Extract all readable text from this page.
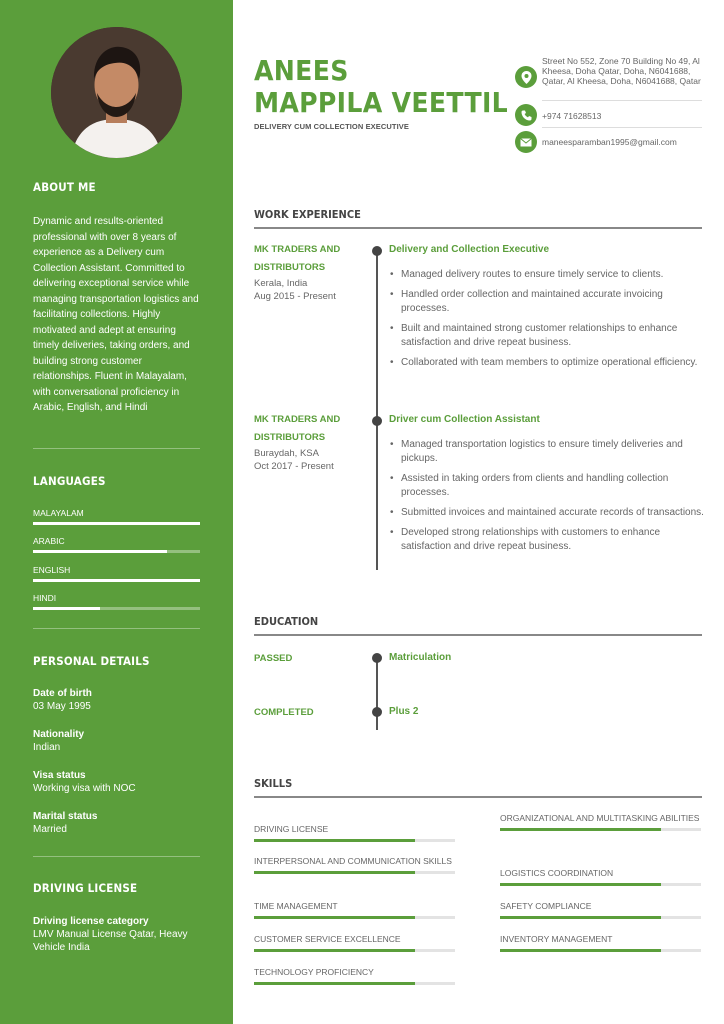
ABOUT ME
Dynamic and results-oriented professional with over 8 years of experience as a Delivery cum Collection Assistant. Committed to delivering exceptional service while managing transportation logistics and facilitating collections. Highly motivated and adept at ensuring timely deliveries, taking orders, and building strong customer relationships. Fluent in Malayalam, with conversational proficiency in Arabic, English, and Hindi
LANGUAGES
MALAYALAM
ARABIC
ENGLISH
HINDI
PERSONAL DETAILS
Date of birth
03 May 1995
Nationality
Indian
Visa status
Working visa with NOC
Marital status
Married
DRIVING LICENSE
Driving license category
LMV Manual License Qatar, Heavy Vehicle India
ANEES
MAPPILA VEETTIL
DELIVERY CUM COLLECTION EXECUTIVE
Street No 552, Zone 70 Building No 49, Al Kheesa, Doha Qatar, Doha, N6041688, Qatar, Al Kheesa, Doha, N6041688, Qatar
+974 71628513
maneesparamban1995@gmail.com
WORK EXPERIENCE
MK TRADERS AND DISTRIBUTORS
Kerala, India
Aug 2015 - Present
Delivery and Collection Executive
• Managed delivery routes to ensure timely service to clients.
• Handled order collection and maintained accurate invoicing processes.
• Built and maintained strong customer relationships to enhance satisfaction and drive repeat business.
• Collaborated with team members to optimize operational efficiency.
MK TRADERS AND DISTRIBUTORS
Buraydah, KSA
Oct 2017 - Present
Driver cum Collection Assistant
• Managed transportation logistics to ensure timely deliveries and pickups.
• Assisted in taking orders from clients and handling collection processes.
• Submitted invoices and maintained accurate records of transactions.
• Developed strong relationships with customers to enhance satisfaction and drive repeat business.
EDUCATION
PASSED	Matriculation
COMPLETED	Plus 2
SKILLS
DRIVING LICENSE
ORGANIZATIONAL AND MULTITASKING ABILITIES
INTERPERSONAL AND COMMUNICATION SKILLS
LOGISTICS COORDINATION
TIME MANAGEMENT	SAFETY COMPLIANCE
CUSTOMER SERVICE EXCELLENCE	INVENTORY MANAGEMENT
TECHNOLOGY PROFICIENCY
